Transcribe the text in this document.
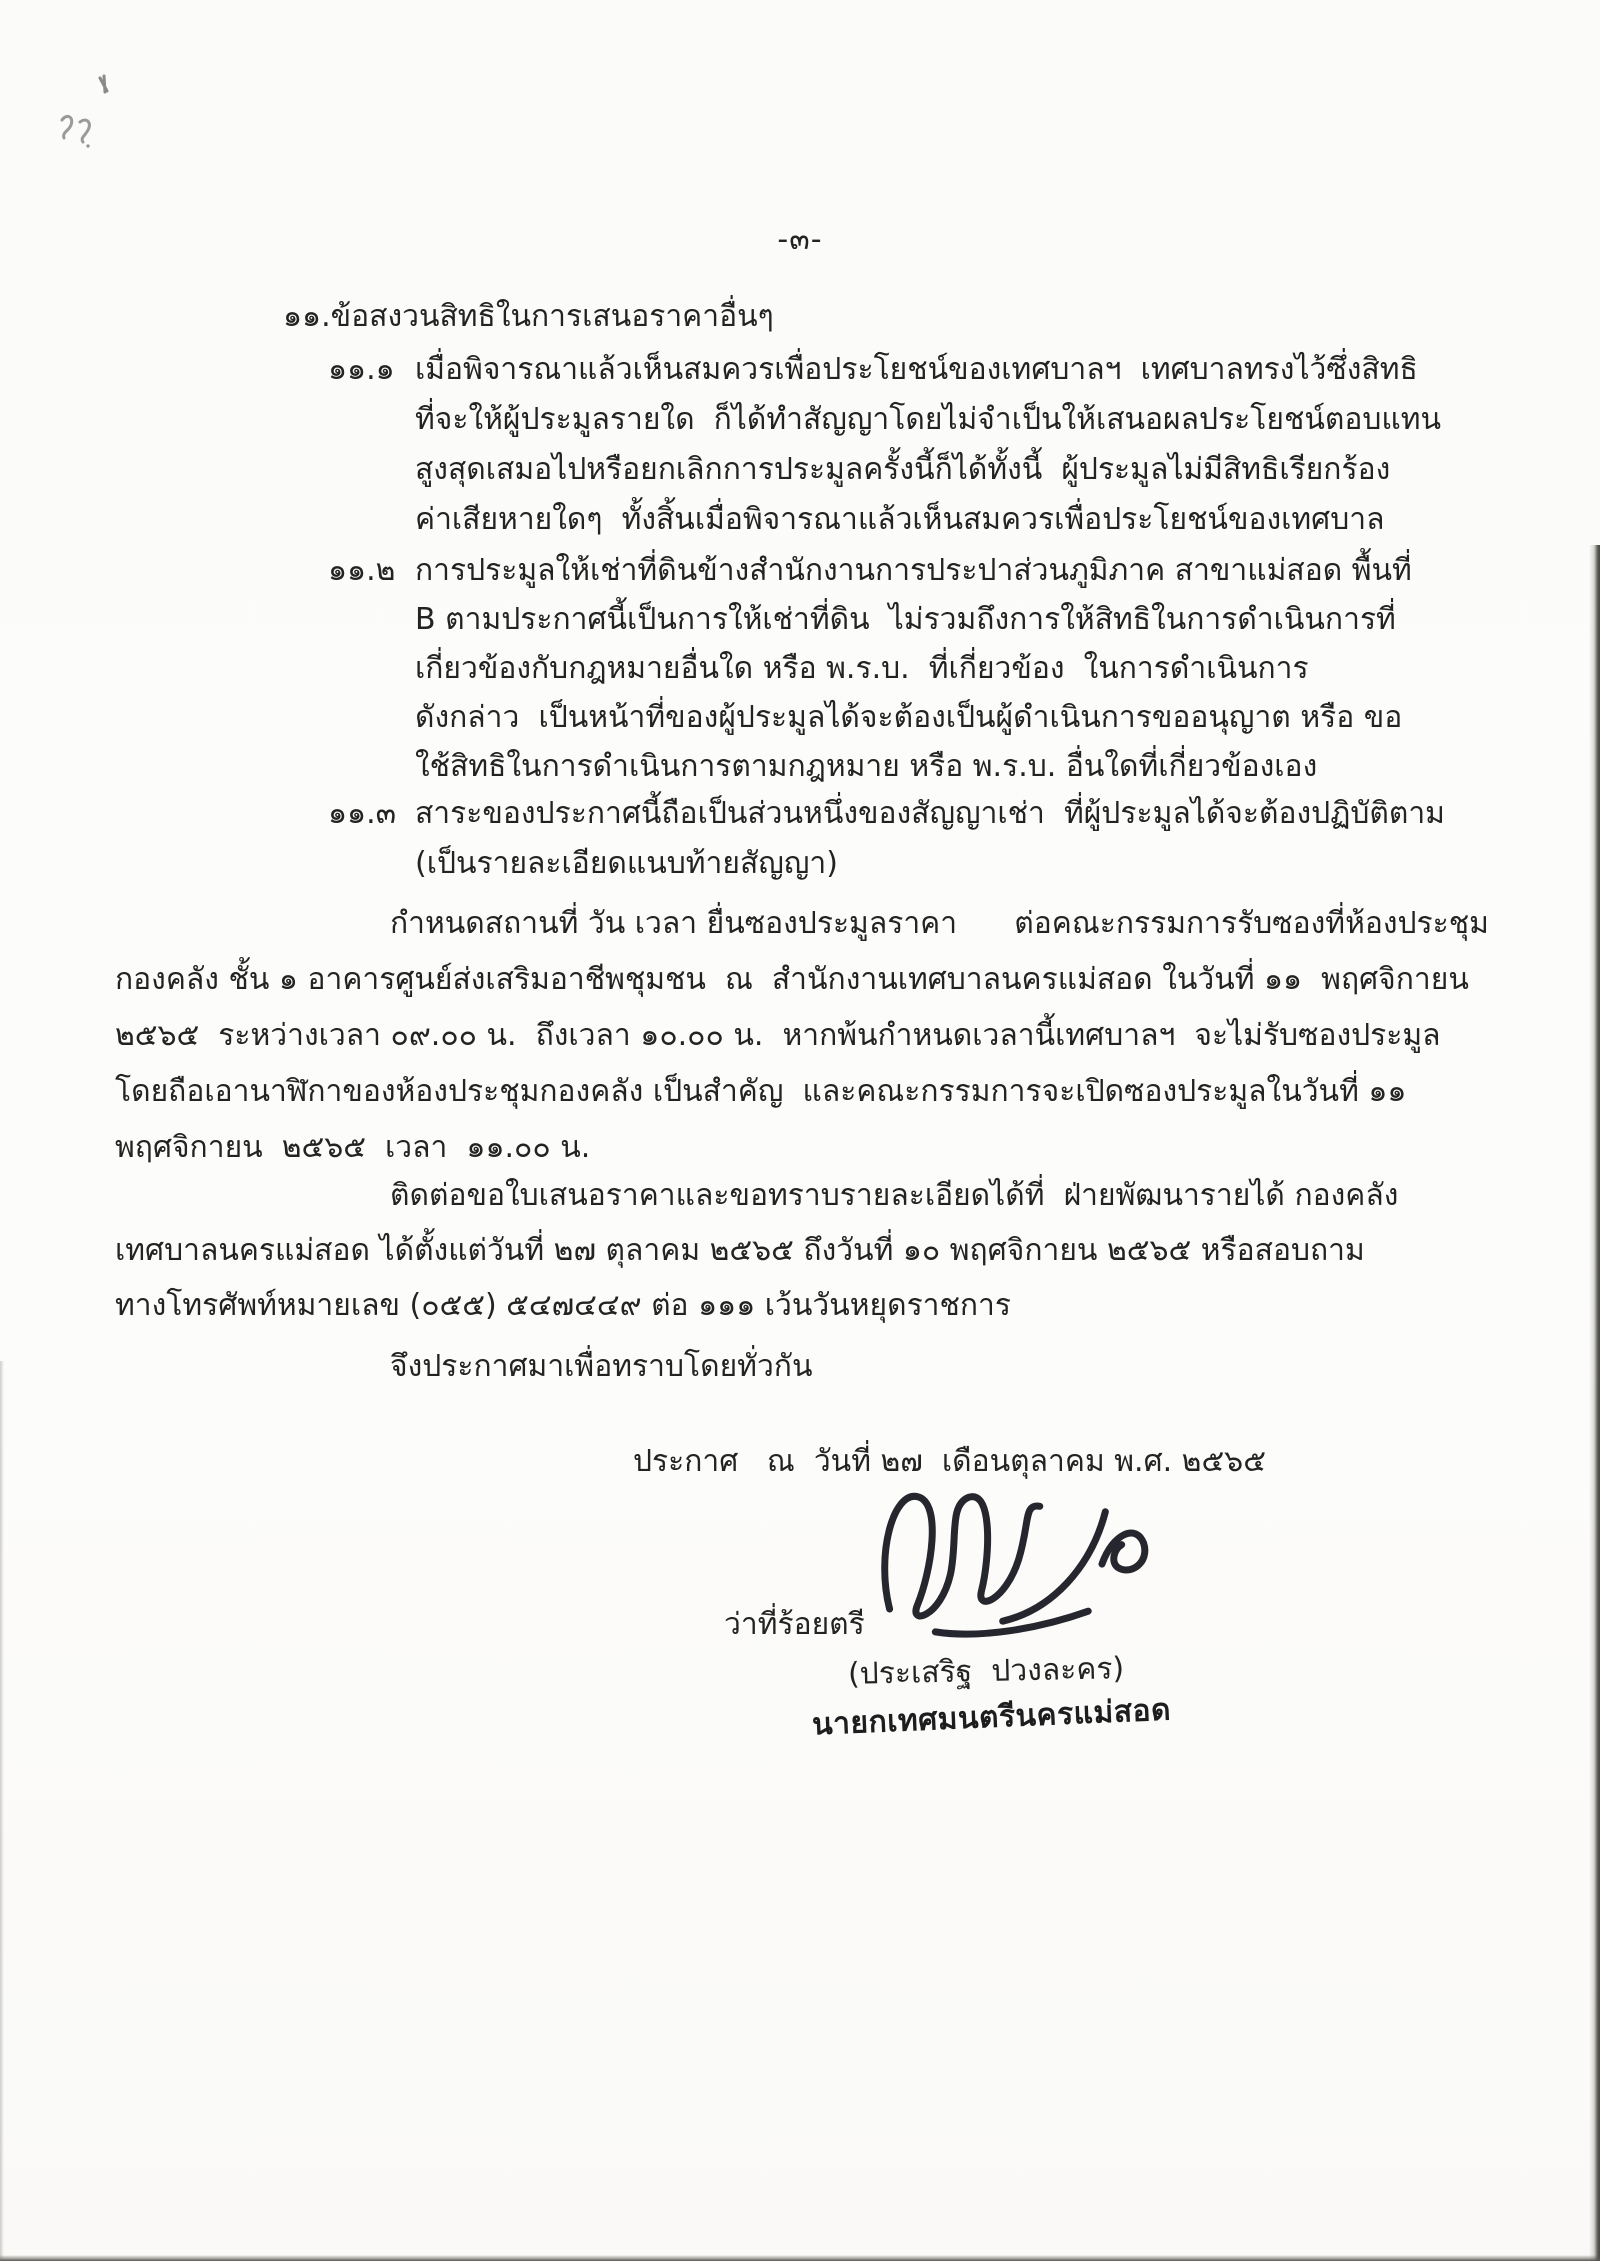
-๓-
๑๑.ข้อสงวนสิทธิในการเสนอราคาอื่นๆ
๑๑.๑ เมื่อพิจารณาแล้วเห็นสมควรเพื่อประโยชน์ของเทศบาลฯ  เทศบาลทรงไว้ซึ่งสิทธิ
ที่จะให้ผู้ประมูลรายใด  ก็ได้ทำสัญญาโดยไม่จำเป็นให้เสนอผลประโยชน์ตอบแทน
สูงสุดเสมอไปหรือยกเลิกการประมูลครั้งนี้ก็ได้ทั้งนี้  ผู้ประมูลไม่มีสิทธิเรียกร้อง
ค่าเสียหายใดๆ  ทั้งสิ้นเมื่อพิจารณาแล้วเห็นสมควรเพื่อประโยชน์ของเทศบาล
๑๑.๒ การประมูลให้เช่าที่ดินข้างสำนักงานการประปาส่วนภูมิภาค สาขาแม่สอด พื้นที่
B ตามประกาศนี้เป็นการให้เช่าที่ดิน  ไม่รวมถึงการให้สิทธิในการดำเนินการที่
เกี่ยวข้องกับกฎหมายอื่นใด หรือ พ.ร.บ.  ที่เกี่ยวข้อง  ในการดำเนินการ
ดังกล่าว  เป็นหน้าที่ของผู้ประมูลได้จะต้องเป็นผู้ดำเนินการขออนุญาต หรือ ขอ
ใช้สิทธิในการดำเนินการตามกฎหมาย หรือ พ.ร.บ. อื่นใดที่เกี่ยวข้องเอง
๑๑.๓ สาระของประกาศนี้ถือเป็นส่วนหนึ่งของสัญญาเช่า  ที่ผู้ประมูลได้จะต้องปฏิบัติตาม
(เป็นรายละเอียดแนบท้ายสัญญา)
กำหนดสถานที่ วัน เวลา ยื่นซองประมูลราคา      ต่อคณะกรรมการรับซองที่ห้องประชุม
กองคลัง ชั้น ๑ อาคารศูนย์ส่งเสริมอาชีพชุมชน  ณ  สำนักงานเทศบาลนครแม่สอด ในวันที่ ๑๑  พฤศจิกายน
๒๕๖๕  ระหว่างเวลา ๐๙.๐๐ น.  ถึงเวลา ๑๐.๐๐ น.  หากพ้นกำหนดเวลานี้เทศบาลฯ  จะไม่รับซองประมูล
โดยถือเอานาฬิกาของห้องประชุมกองคลัง เป็นสำคัญ  และคณะกรรมการจะเปิดซองประมูลในวันที่ ๑๑
พฤศจิกายน  ๒๕๖๕  เวลา  ๑๑.๐๐ น.
ติดต่อขอใบเสนอราคาและขอทราบรายละเอียดได้ที่  ฝ่ายพัฒนารายได้ กองคลัง
เทศบาลนครแม่สอด ได้ตั้งแต่วันที่ ๒๗ ตุลาคม ๒๕๖๕ ถึงวันที่ ๑๐ พฤศจิกายน ๒๕๖๕ หรือสอบถาม
ทางโทรศัพท์หมายเลข (๐๕๕) ๕๔๗๔๔๙ ต่อ ๑๑๑ เว้นวันหยุดราชการ
จึงประกาศมาเพื่อทราบโดยทั่วกัน
ประกาศ   ณ  วันที่ ๒๗  เดือนตุลาคม พ.ศ. ๒๕๖๕
ว่าที่ร้อยตรี
(ประเสริฐ  ปวงละคร)
นายกเทศมนตรีนครแม่สอด
